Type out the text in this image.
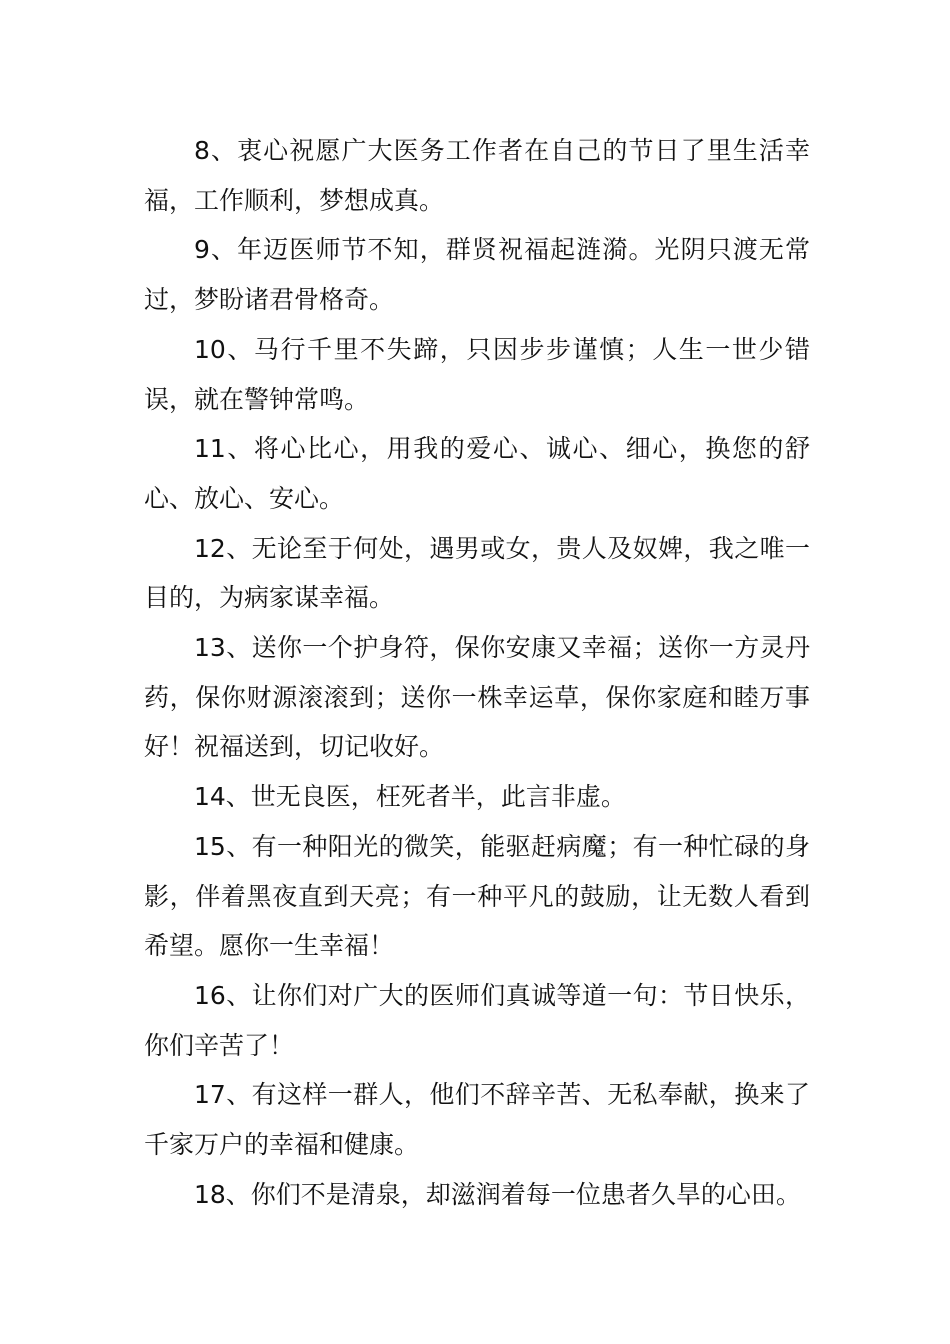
8、衷心祝愿广大医务工作者在自己的节日了里生活幸福，工作顺利，梦想成真。

9、年迈医师节不知，群贤祝福起涟漪。光阴只渡无常过，梦盼诸君骨格奇。

10、马行千里不失蹄，只因步步谨慎；人生一世少错误，就在警钟常鸣。

11、将心比心，用我的爱心、诚心、细心，换您的舒心、放心、安心。

12、无论至于何处，遇男或女，贵人及奴婢，我之唯一目的，为病家谋幸福。

13、送你一个护身符，保你安康又幸福；送你一方灵丹药，保你财源滚滚到；送你一株幸运草，保你家庭和睦万事好！祝福送到，切记收好。

14、世无良医，枉死者半，此言非虚。

15、有一种阳光的微笑，能驱赶病魔；有一种忙碌的身影，伴着黑夜直到天亮；有一种平凡的鼓励，让无数人看到希望。愿你一生幸福！

16、让你们对广大的医师们真诚等道一句：节日快乐，你们辛苦了！

17、有这样一群人，他们不辞辛苦、无私奉献，换来了千家万户的幸福和健康。

18、你们不是清泉，却滋润着每一位患者久旱的心田。
